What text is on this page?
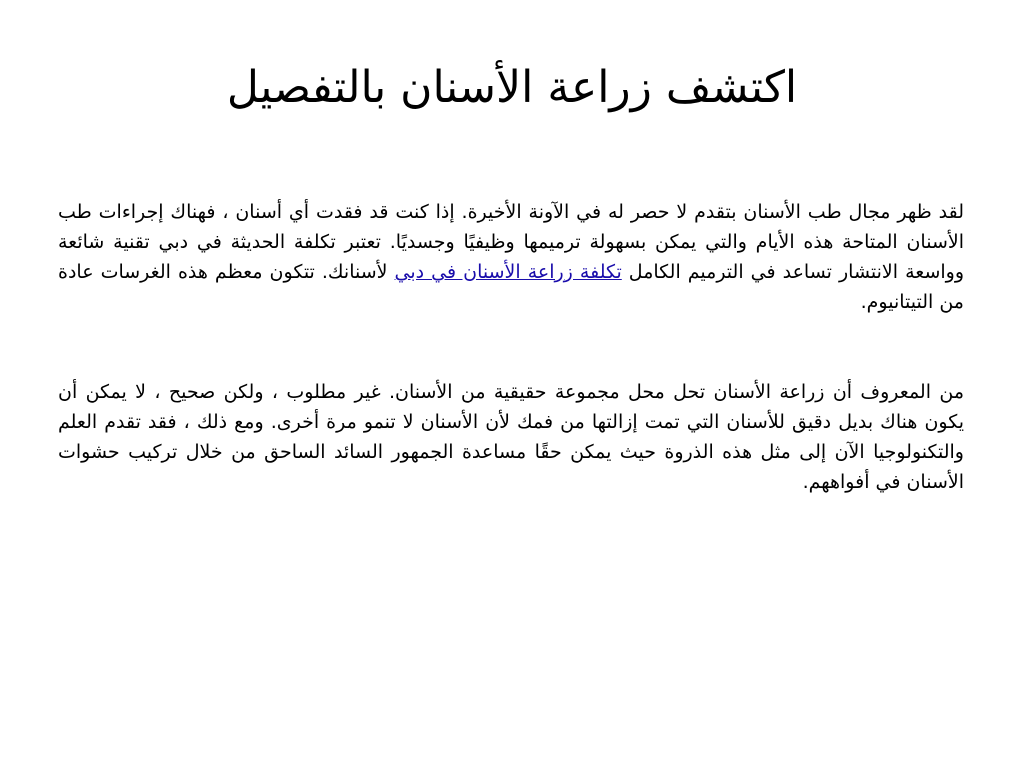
اكتشف زراعة الأسنان بالتفصيل

لقد ظهر مجال طب الأسنان بتقدم لا حصر له في الآونة الأخيرة. إذا كنت قد فقدت أي أسنان ، فهناك إجراءات طب الأسنان المتاحة هذه الأيام والتي يمكن بسهولة ترميمها وظيفيًا وجسديًا. تعتبر تكلفة الحديثة في دبي تقنية شائعة وواسعة الانتشار تساعد في الترميم الكامل تكلفة زراعة الأسنان في دبي لأسنانك. تتكون معظم هذه الغرسات عادة من التيتانيوم.

من المعروف أن زراعة الأسنان تحل محل مجموعة حقيقية من الأسنان. غير مطلوب ، ولكن صحيح ، لا يمكن أن يكون هناك بديل دقيق للأسنان التي تمت إزالتها من فمك لأن الأسنان لا تنمو مرة أخرى. ومع ذلك ، فقد تقدم العلم والتكنولوجيا الآن إلى مثل هذه الذروة حيث يمكن حقًا مساعدة الجمهور السائد الساحق من خلال تركيب حشوات الأسنان في أفواههم.
